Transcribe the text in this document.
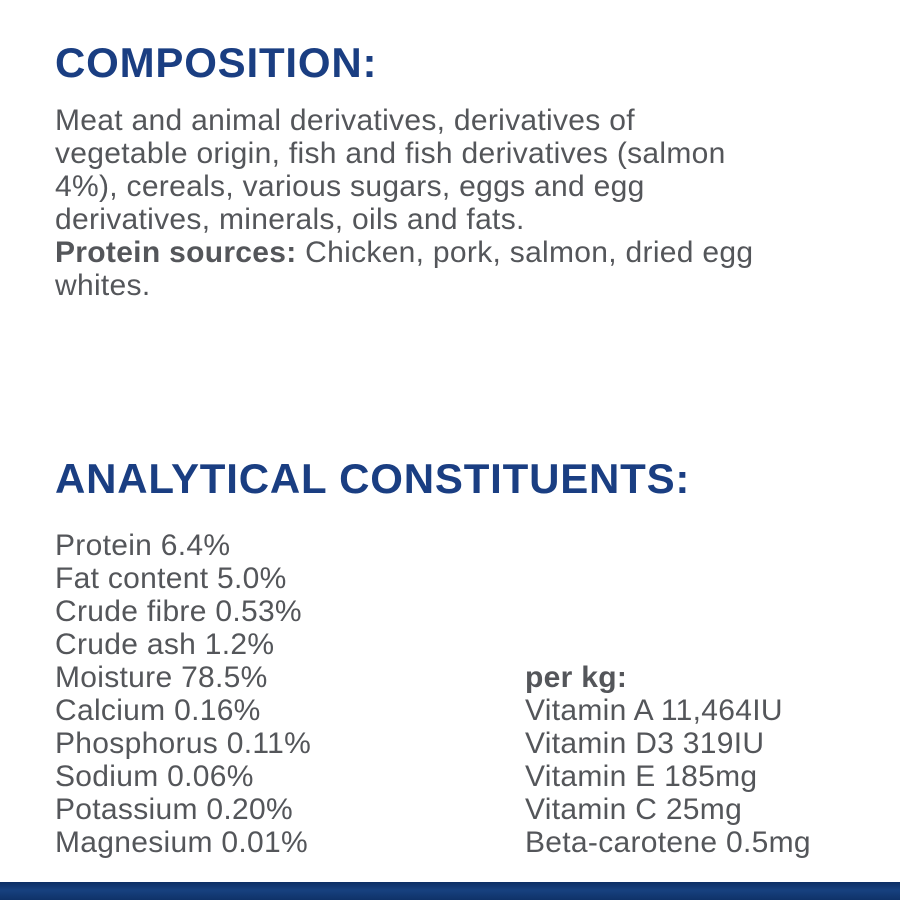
COMPOSITION:
Meat and animal derivatives, derivatives of
vegetable origin, fish and fish derivatives (salmon
4%), cereals, various sugars, eggs and egg
derivatives, minerals, oils and fats.
Protein sources: Chicken, pork, salmon, dried egg
whites.
ANALYTICAL CONSTITUENTS:
Protein 6.4%
Fat content 5.0%
Crude fibre 0.53%
Crude ash 1.2%
Moisture 78.5%
Calcium 0.16%
Phosphorus 0.11%
Sodium 0.06%
Potassium 0.20%
Magnesium 0.01%
per kg:
Vitamin A 11,464IU
Vitamin D3 319IU
Vitamin E 185mg
Vitamin C 25mg
Beta-carotene 0.5mg
